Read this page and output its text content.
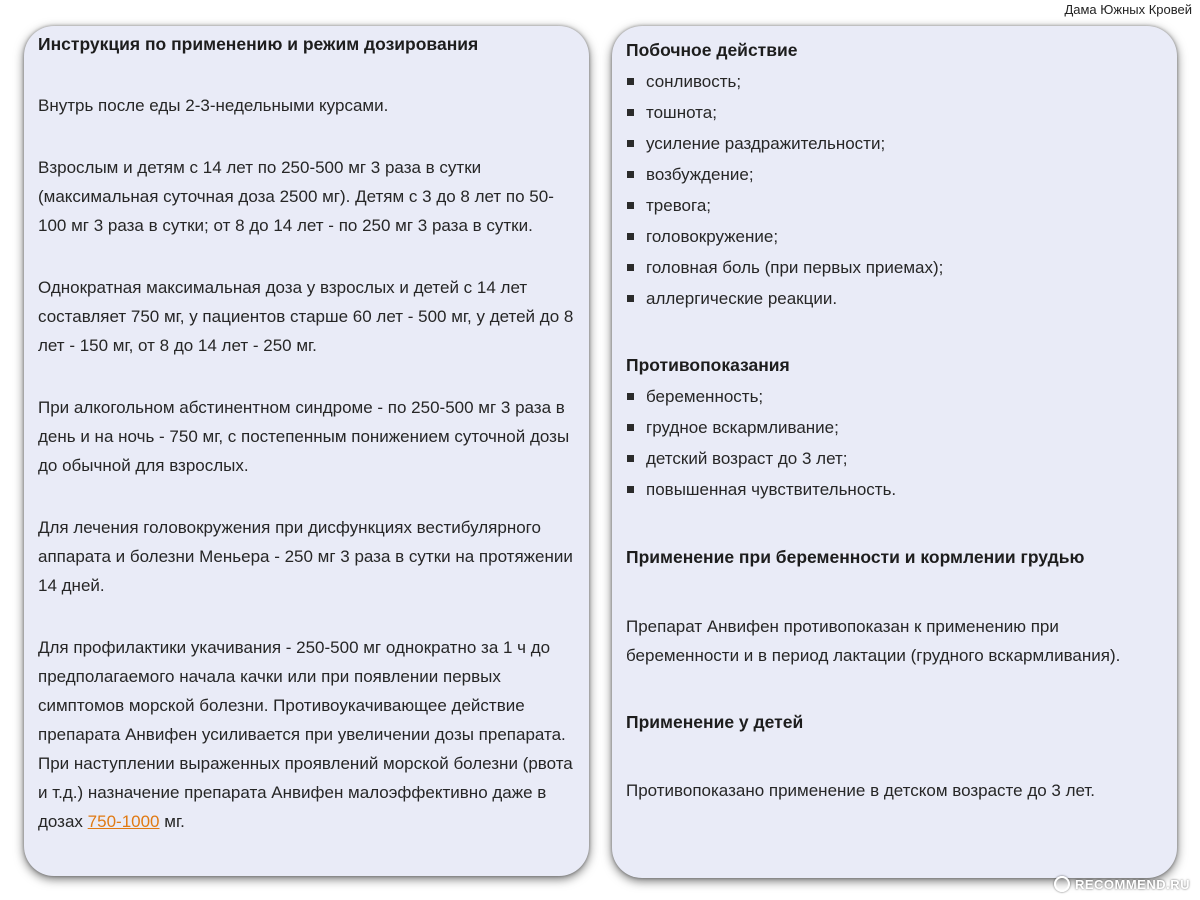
Дама Южных Кровей
Инструкция по применению и режим дозирования

Внутрь после еды 2-3-недельными курсами.

Взрослым и детям с 14 лет по 250-500 мг 3 раза в сутки (максимальная суточная доза 2500 мг). Детям с 3 до 8 лет по 50-100 мг 3 раза в сутки; от 8 до 14 лет - по 250 мг 3 раза в сутки.

Однократная максимальная доза у взрослых и детей с 14 лет составляет 750 мг, у пациентов старше 60 лет - 500 мг, у детей до 8 лет - 150 мг, от 8 до 14 лет - 250 мг.

При алкогольном абстинентном синдроме - по 250-500 мг 3 раза в день и на ночь - 750 мг, с постепенным понижением суточной дозы до обычной для взрослых.

Для лечения головокружения при дисфункциях вестибулярного аппарата и болезни Меньера - 250 мг 3 раза в сутки на протяжении 14 дней.

Для профилактики укачивания - 250-500 мг однократно за 1 ч до предполагаемого начала качки или при появлении первых симптомов морской болезни. Противоукачивающее действие препарата Анвифен усиливается при увеличении дозы препарата. При наступлении выраженных проявлений морской болезни (рвота и т.д.) назначение препарата Анвифен малоэффективно даже в дозах 750-1000 мг.

Побочное действие
сонливость;
тошнота;
усиление раздражительности;
возбуждение;
тревога;
головокружение;
головная боль (при первых приемах);
аллергические реакции.
Противопоказания
беременность;
грудное вскармливание;
детский возраст до 3 лет;
повышенная чувствительность.
Применение при беременности и кормлении грудью

Препарат Анвифен противопоказан к применению при беременности и в период лактации (грудного вскармливания).

Применение у детей

Противопоказано применение в детском возрасте до 3 лет.

RECOMMEND.RU
